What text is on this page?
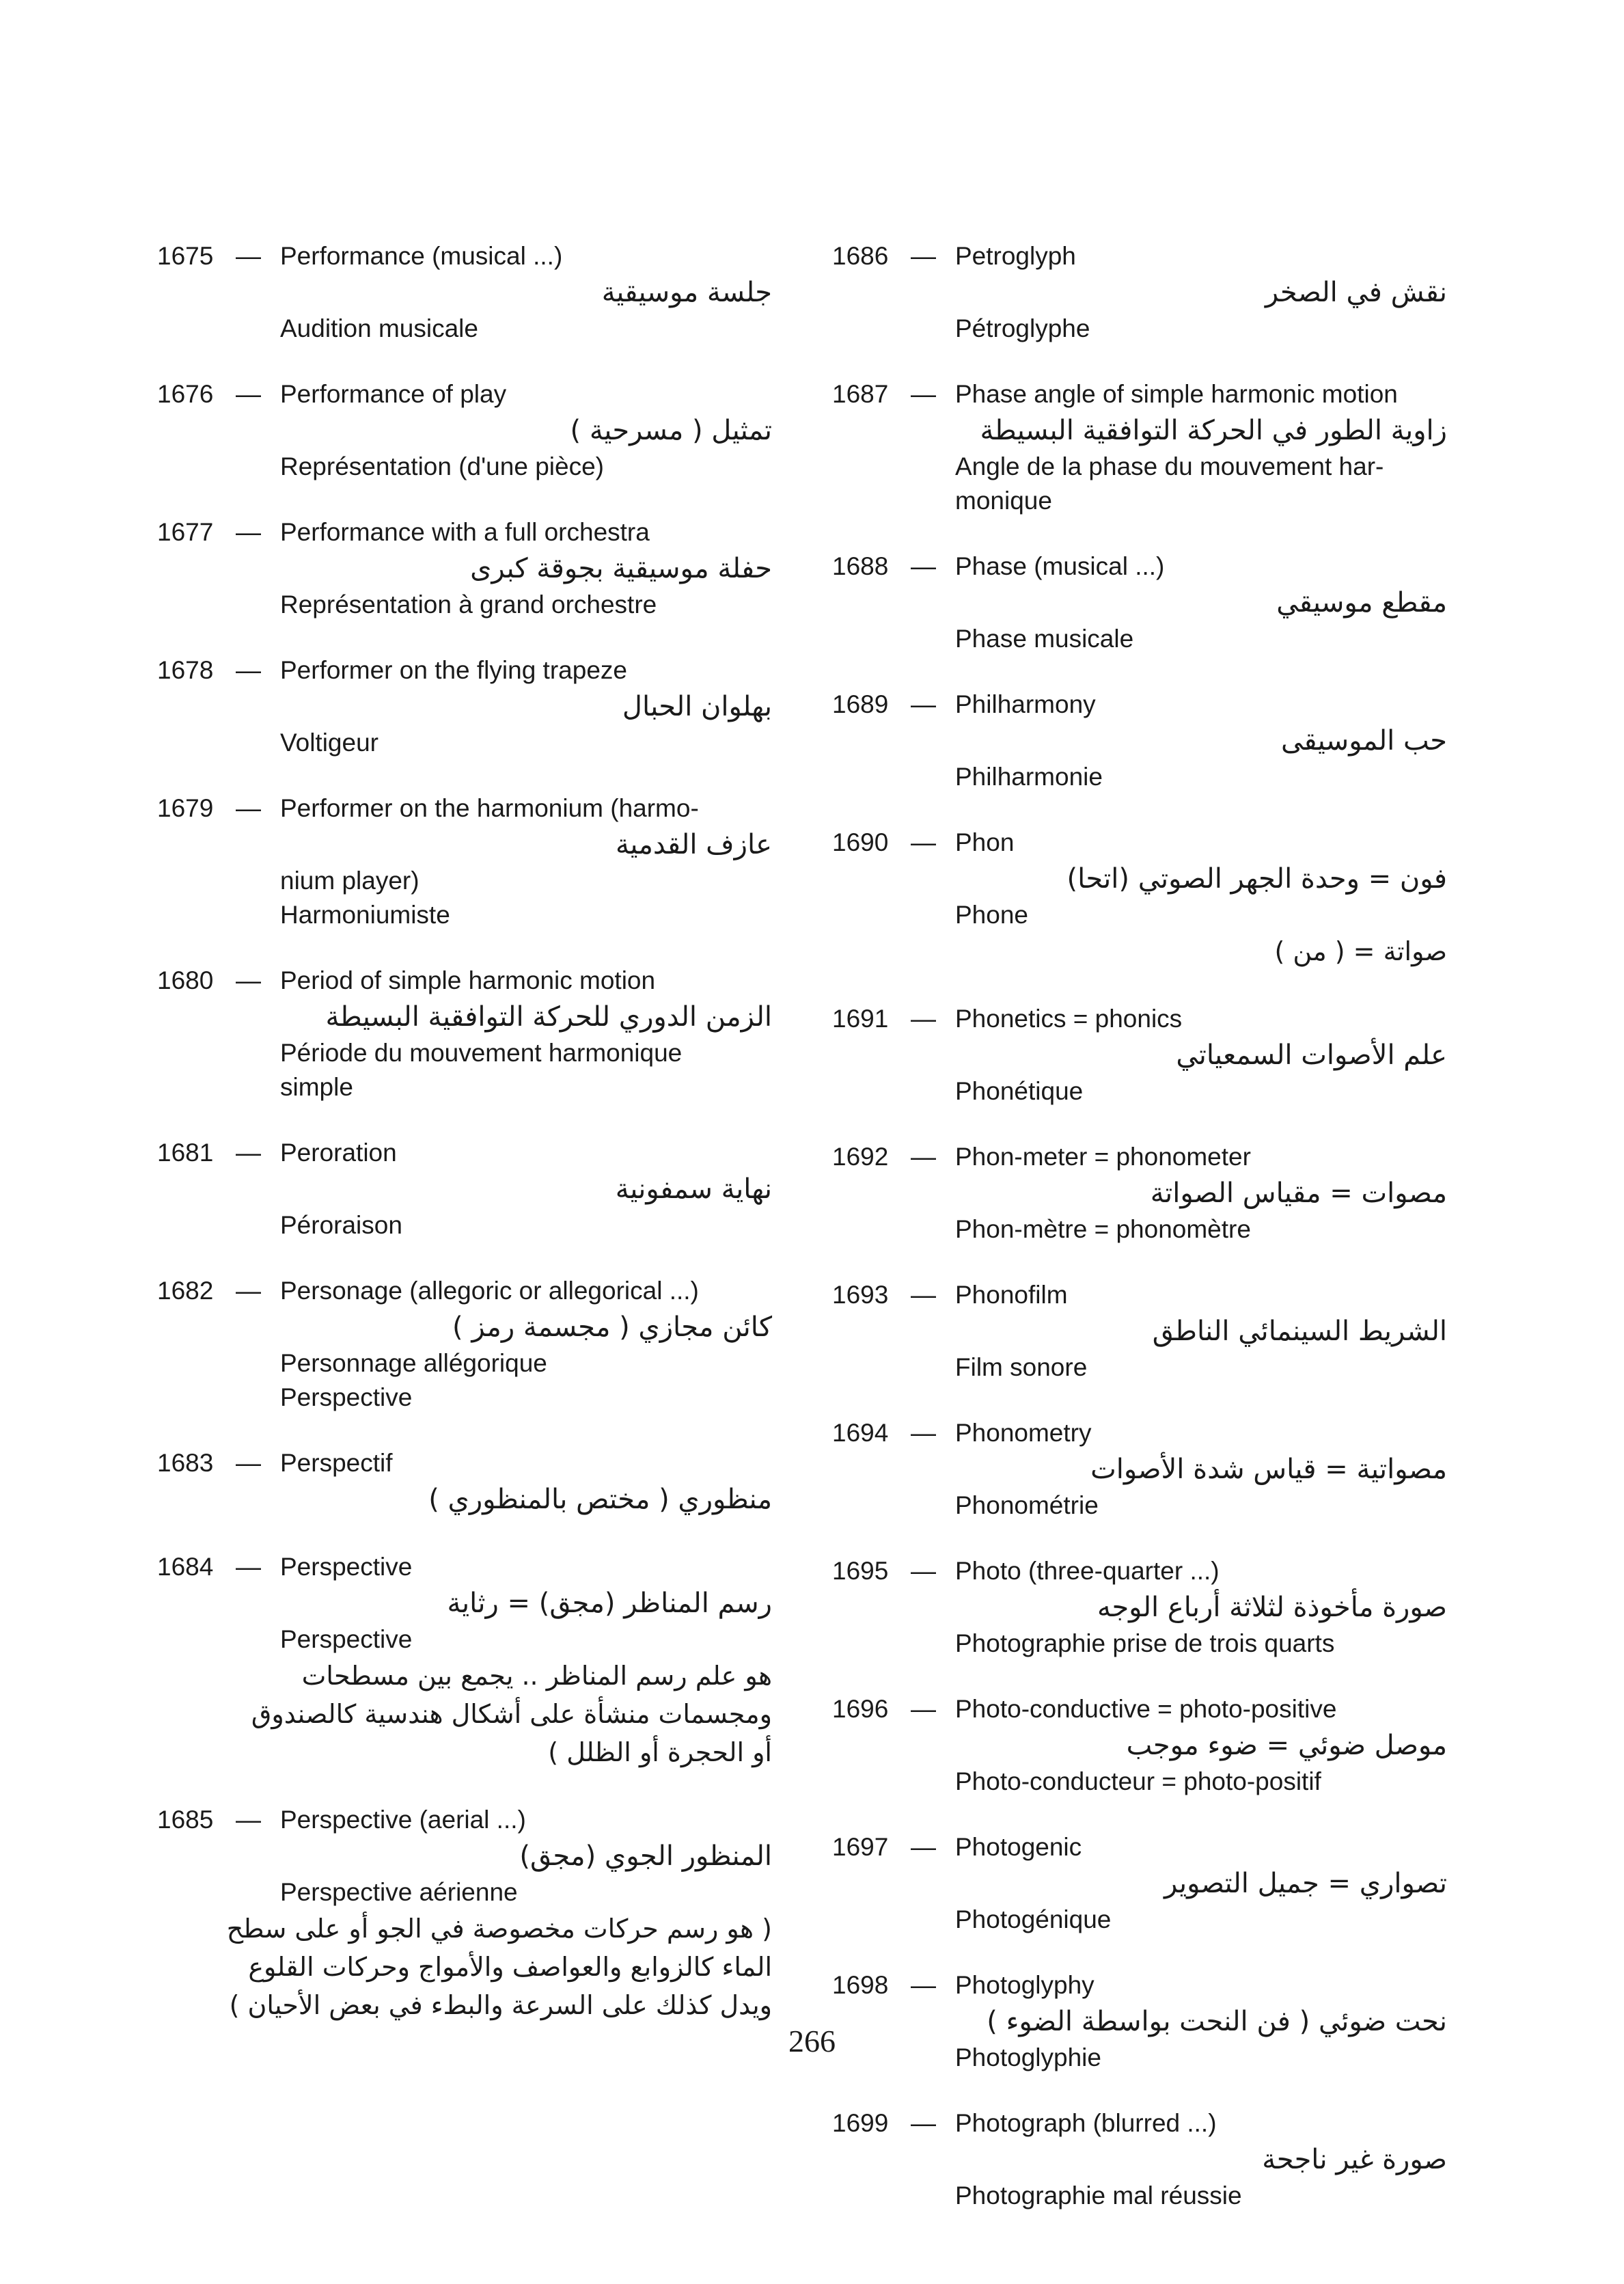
1675 — Performance (musical ...)
جلسة موسيقية
Audition musicale
1676 — Performance of play
تمثيل ( مسرحية )
Représentation (d'une pièce)
1677 — Performance with a full orchestra
حفلة موسيقية بجوقة كبرى
Représentation à grand orchestre
1678 — Performer on the flying trapeze
بهلوان الحبال
Voltigeur
1679 — Performer on the harmonium (harmo-
عازف القدمية
nium player)
Harmoniumiste
1680 — Period of simple harmonic motion
الزمن الدوري للحركة التوافقية البسيطة
Période du mouvement harmonique
simple
1681 — Peroration
نهاية سمفونية
Péroraison
1682 — Personage (allegoric or allegorical ...)
كائن مجازي ( مجسمة رمز )
Personnage allégorique
Perspective
1683 — Perspectif
منظوري ( مختص بالمنظوري )
1684 — Perspective
رسم المناظر (مجق) = رثاية
Perspective
هو علم رسم المناظر .. يجمع بين مسطحات ومجسمات منشأة على أشكال هندسية كالصندوق أو الحجرة أو الظلل )
1685 — Perspective (aerial ...)
المنظور الجوي (مجق)
Perspective aérienne
( هو رسم حركات مخصوصة في الجو أو على سطح الماء كالزوابع والعواصف والأمواج وحركات القلوع ويدل كذلك على السرعة والبطء في بعض الأحيان )
1686 — Petroglyph
نقش في الصخر
Pétroglyphe
1687 — Phase angle of simple harmonic motion
زاوية الطور في الحركة التوافقية البسيطة
Angle de la phase du mouvement har-
monique
1688 — Phase (musical ...)
مقطع موسيقي
Phase musicale
1689 — Philharmony
حب الموسيقى
Philharmonie
1690 — Phon
فون = وحدة الجهر الصوتي (اتحا)
Phone
صواتة = ( من )
1691 — Phonetics = phonics
علم الأصوات السمعياتي
Phonétique
1692 — Phon-meter = phonometer
مصوات = مقياس الصواتة
Phon-mètre = phonomètre
1693 — Phonofilm
الشريط السينمائي الناطق
Film sonore
1694 — Phonometry
مصواتية = قياس شدة الأصوات
Phonométrie
1695 — Photo (three-quarter ...)
صورة مأخوذة لثلاثة أرباع الوجه
Photographie prise de trois quarts
1696 — Photo-conductive = photo-positive
موصل ضوئي = ضوء موجب
Photo-conducteur = photo-positif
1697 — Photogenic
تصواري = جميل التصوير
Photogénique
1698 — Photoglyphy
نحت ضوئي ( فن النحت بواسطة الضوء )
Photoglyphie
1699 — Photograph (blurred ...)
صورة غير ناجحة
Photographie mal réussie
266
